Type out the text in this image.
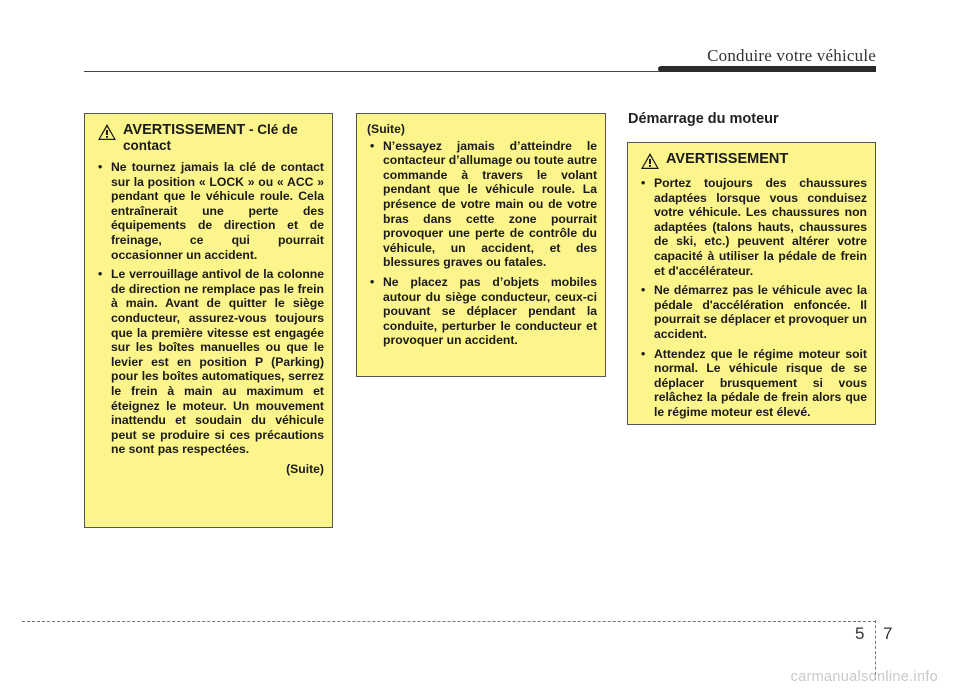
Conduire votre véhicule
AVERTISSEMENT - Clé de contact
• Ne tournez jamais la clé de contact sur la position « LOCK » ou « ACC » pendant que le véhicule roule. Cela entraînerait une perte des équipements de direction et de freinage, ce qui pourrait occasionner un accident.
• Le verrouillage antivol de la colonne de direction ne remplace pas le frein à main. Avant de quitter le siège conducteur, assurez-vous toujours que la première vitesse est engagée sur les boîtes manuelles ou que le levier est en position P (Parking) pour les boîtes automatiques, serrez le frein à main au maximum et éteignez le moteur. Un mouvement inattendu et soudain du véhicule peut se produire si ces précautions ne sont pas respectées.
(Suite)
(Suite)
• N’essayez jamais d’atteindre le contacteur d’allumage ou toute autre commande à travers le volant pendant que le véhicule roule. La présence de votre main ou de votre bras dans cette zone pourrait provoquer une perte de contrôle du véhicule, un accident, et des blessures graves ou fatales.
• Ne placez pas d’objets mobiles autour du siège conducteur, ceux-ci pouvant se déplacer pendant la conduite, perturber le conducteur et provoquer un accident.
Démarrage du moteur
AVERTISSEMENT
• Portez toujours des chaussures adaptées lorsque vous conduisez votre véhicule. Les chaussures non adaptées (talons hauts, chaussures de ski, etc.) peuvent altérer votre capacité à utiliser la pédale de frein et d'accélérateur.
• Ne démarrez pas le véhicule avec la pédale d'accélération enfoncée. Il pourrait se déplacer et provoquer un accident.
• Attendez que le régime moteur soit normal. Le véhicule risque de se déplacer brusquement si vous relâchez la pédale de frein alors que le régime moteur est élevé.
5 7
carmanualsonline.info
